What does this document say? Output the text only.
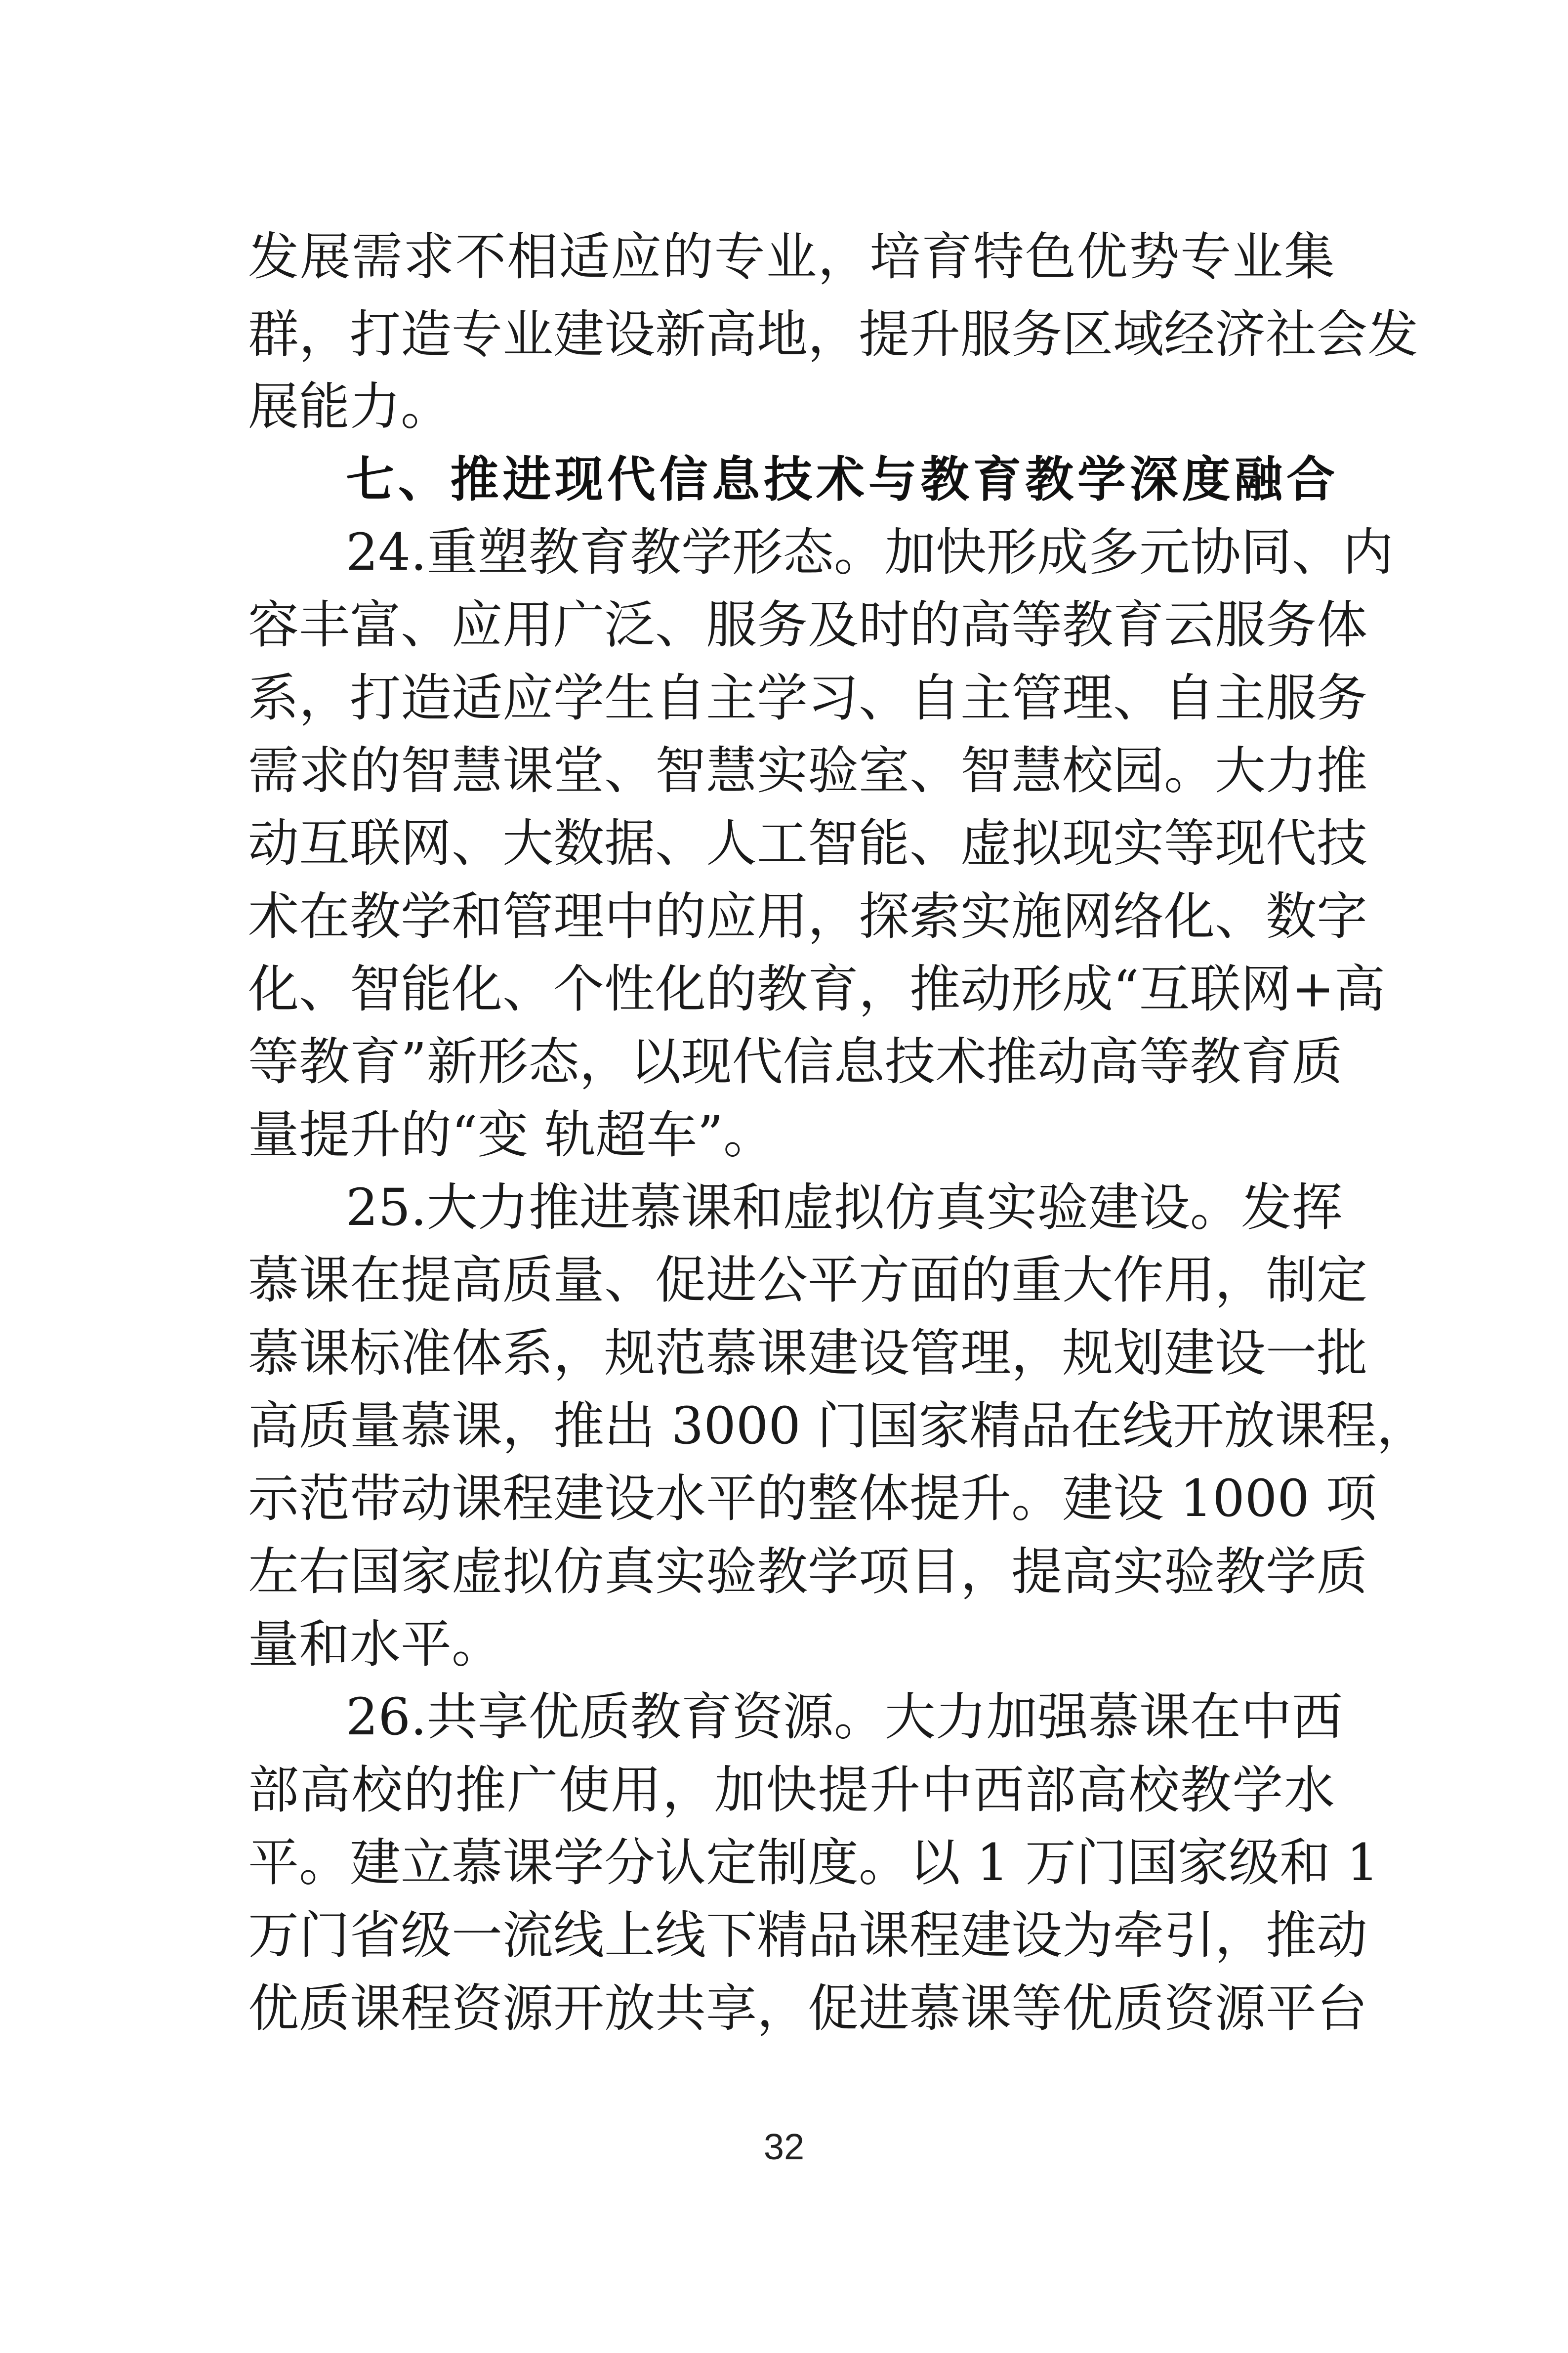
发展需求不相适应的专业，培育特色优势专业集
群，打造专业建设新高地，提升服务区域经济社会发
展能力。
七、推进现代信息技术与教育教学深度融合
24.重塑教育教学形态。加快形成多元协同、内
容丰富、应用广泛、服务及时的高等教育云服务体
系，打造适应学生自主学习、自主管理、自主服务
需求的智慧课堂、智慧实验室、智慧校园。大力推
动互联网、大数据、人工智能、虚拟现实等现代技
术在教学和管理中的应用，探索实施网络化、数字
化、智能化、个性化的教育，推动形成“互联网+高
等教育”新形态，以现代信息技术推动高等教育质
量提升的“变 轨超车”。
25.大力推进慕课和虚拟仿真实验建设。发挥
慕课在提高质量、促进公平方面的重大作用，制定
慕课标准体系，规范慕课建设管理，规划建设一批
高质量慕课，推出 3000 门国家精品在线开放课程，
示范带动课程建设水平的整体提升。建设 1000 项
左右国家虚拟仿真实验教学项目，提高实验教学质
量和水平。
26.共享优质教育资源。大力加强慕课在中西
部高校的推广使用，加快提升中西部高校教学水
平。建立慕课学分认定制度。以 1 万门国家级和 1
万门省级一流线上线下精品课程建设为牵引，推动
优质课程资源开放共享，促进慕课等优质资源平台
32
